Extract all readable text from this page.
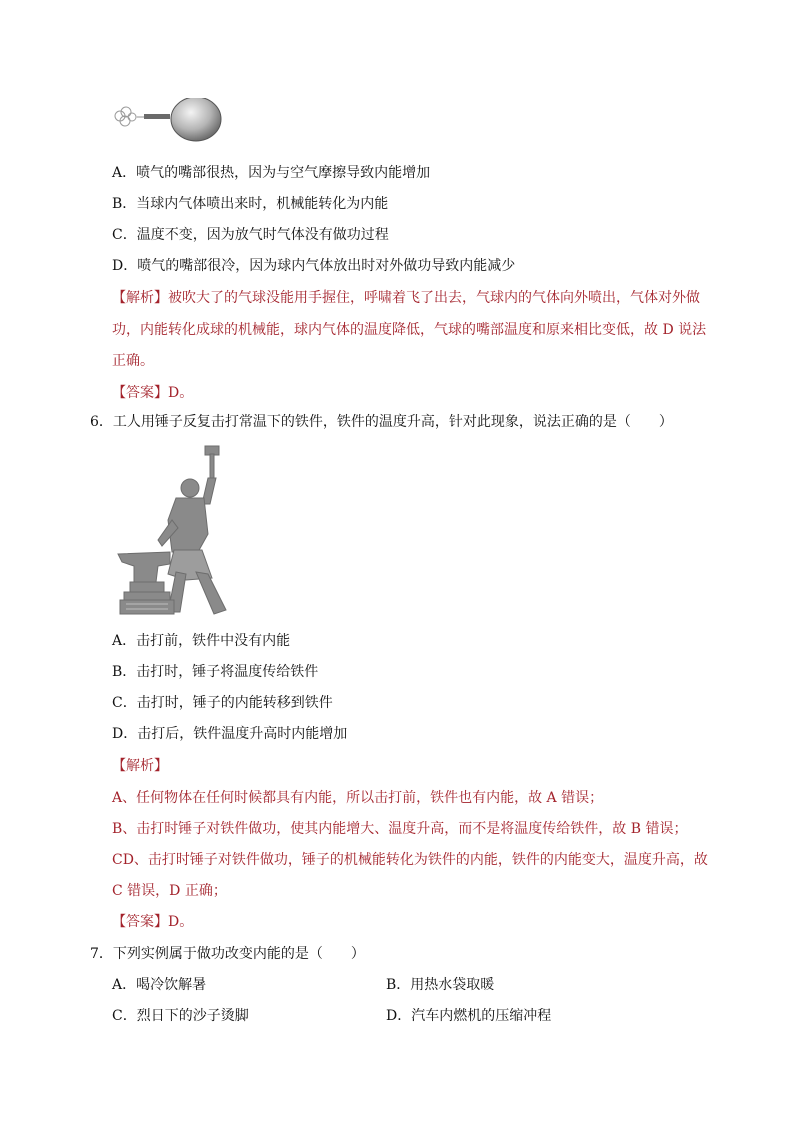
A．喷气的嘴部很热，因为与空气摩擦导致内能增加
B．当球内气体喷出来时，机械能转化为内能
C．温度不变，因为放气时气体没有做功过程
D．喷气的嘴部很冷，因为球内气体放出时对外做功导致内能减少
【解析】被吹大了的气球没能用手握住，呼啸着飞了出去，气球内的气体向外喷出，气体对外做
功，内能转化成球的机械能，球内气体的温度降低，气球的嘴部温度和原来相比变低，故 D 说法
正确。
【答案】D。
6．工人用锤子反复击打常温下的铁件，铁件的温度升高，针对此现象，说法正确的是（　　）
A．击打前，铁件中没有内能
B．击打时，锤子将温度传给铁件
C．击打时，锤子的内能转移到铁件
D．击打后，铁件温度升高时内能增加
【解析】
A、任何物体在任何时候都具有内能，所以击打前，铁件也有内能，故 A 错误；
B、击打时锤子对铁件做功，使其内能增大、温度升高，而不是将温度传给铁件，故 B 错误；
CD、击打时锤子对铁件做功，锤子的机械能转化为铁件的内能，铁件的内能变大，温度升高，故
C 错误，D 正确；
【答案】D。
7．下列实例属于做功改变内能的是（　　）
A．喝冷饮解暑	B．用热水袋取暖
C．烈日下的沙子烫脚	D．汽车内燃机的压缩冲程
